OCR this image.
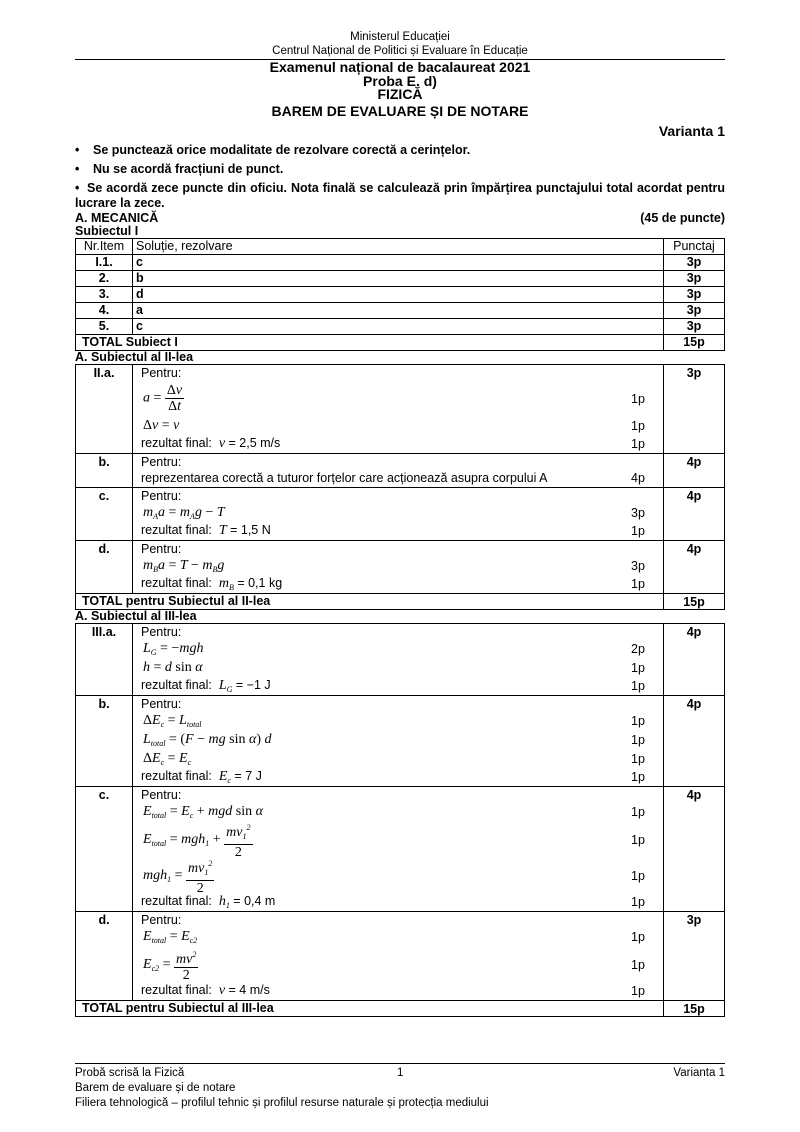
Ministerul Educației
Centrul Național de Politici și Evaluare în Educație
Examenul național de bacalaureat 2021
Proba E. d)
FIZICĂ
BAREM DE EVALUARE ȘI DE NOTARE
Varianta 1
• Se punctează orice modalitate de rezolvare corectă a cerințelor.
• Nu se acordă fracțiuni de punct.
• Se acordă zece puncte din oficiu. Nota finală se calculează prin împărțirea punctajului total acordat pentru lucrare la zece.
A. MECANICĂ	(45 de puncte)
Subiectul I
Nr.Item	Soluție, rezolvare	Punctaj
I.1.	c	3p
2.	b	3p
3.	d	3p
4.	a	3p
5.	c	3p
TOTAL Subiect I		15p
A. Subiectul al II-lea
II.a.	Pentru:
$a = \frac{\Delta v}{\Delta t}$	1p
Δv = v	1p
rezultat final: v = 2,5 m/s	1p
	3p
b.	Pentru:
reprezentarea corectă a tuturor forțelor care acționează asupra corpului A 4p	4p
c.	Pentru:
$m_Aa = m_Ag - T$ 3p
rezultat final: T = 1,5 N 1p	4p
d.	Pentru:
$m_Ba = T - m_Bg$ 3p
rezultat final: $m_B = 0,1$ kg 1p	4p
TOTAL pentru Subiectul al II-lea		15p
A. Subiectul al III-lea
III.a.	Pentru:
$L_G = -mgh$	2p
h = d sin α	1p
rezultat final: $L_G = -1$ J	1p
	4p
b.	Pentru:
$\Delta E_c = L_{total}$	1p
$L_{total} = (F$ − mg sin α) d	1p
$\Delta E_c = E_c$	1p
rezultat final: $E_c = 7$ J	1p
	4p
c.	Pentru:
$E_{total} = E_c$ + mgd sin α	1p
$E_{total} = mgh_1 + \frac{mv_1^2}{2}$	1p
$mgh_1 = \frac{mv_1^2}{2}$	1p
rezultat final: $h_1 = 0,4$ m	1p
	4p
d.	Pentru:
$E_{total} = E_{c2}$	1p
$E_{c2} = \frac{mv^2}{2}$	1p
rezultat final: v = 4 m/s	1p
	3p
TOTAL pentru Subiectul al III-lea		15p
Probă scrisă la Fizică	1	Varianta 1
Barem de evaluare și de notare
Filiera tehnologică – profilul tehnic și profilul resurse naturale și protecția mediului
